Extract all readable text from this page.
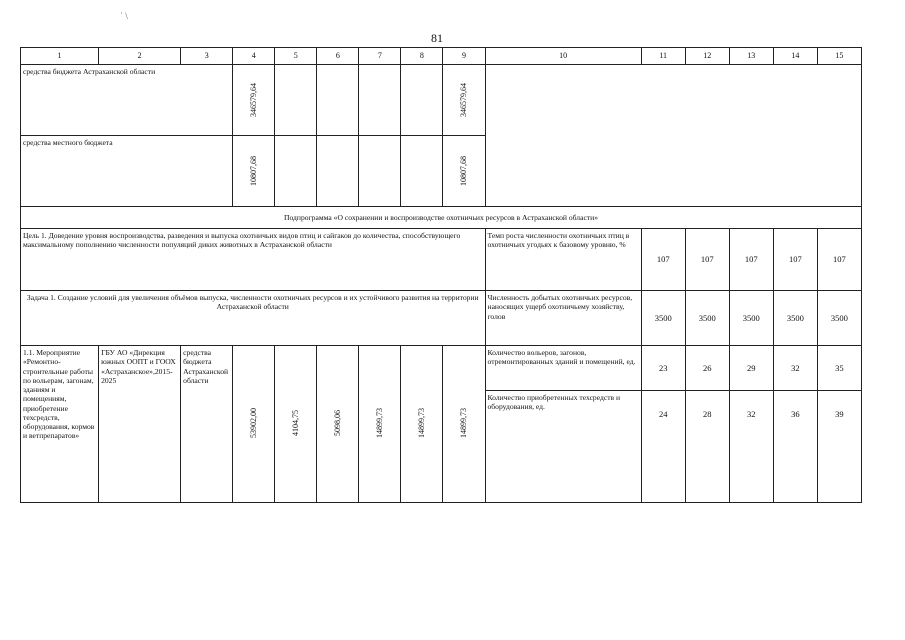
˙ \
81
1	2	3	4	5	6	7	8	9	10	11	12	13	14	15
средства бюджета Астраханской области			346579,64					346579,64						

средства местного бюджета			10807,68					10807,68						

Подпрограмма «О сохранении и воспроизводстве охотничьих ресурсов в Астраханской области»														
Цель 1. Доведение уровня воспроизводства, разведения и выпуска охотничьих видов птиц и сайгаков до количества, способствующего максимальному пополнению численности популяций диких животных в Астраханской области									Темп роста численности охотничьих птиц в охотничьих угодьях к базовому уровню, %	107	107	107	107	107
Задача 1. Создание условий для увеличения объёмов выпуска, численности охотничьих ресурсов и их устойчивого развития на территории Астраханской области									Численность добытых охотничьих ресурсов, наносящих ущерб охотничьему хозяйству, голов	3500	3500	3500	3500	3500
1.1. Мероприятие «Ремонтно-строительные работы по вольерам, загонам, зданиям и помещениям, приобретение техсредств, оборудования, кормов и ветпрепаратов»	ГБУ АО «Дирекция южных ООПТ и ГООХ «Астраханское»,2015-2025	средства бюджета Астраханской области	53902,00	4104,75	5098,06	14899,73	14899,73	14899,73	Количество вольеров, загонов, отремонтированных зданий и помещений, ед.	23	26	29	32	35
									Количество приобретенных техсредств и оборудования, ед.	24	28	32	36	39
